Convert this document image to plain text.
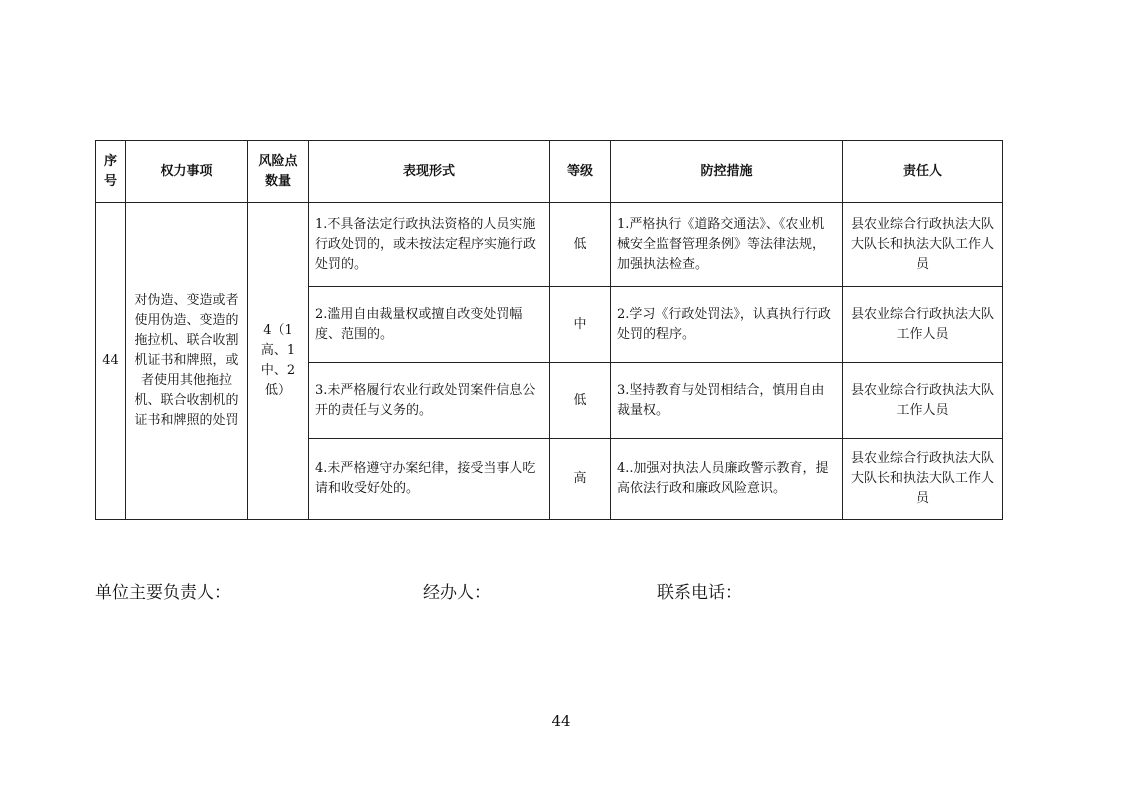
序号	权力事项	风险点数量	表现形式	等级	防控措施	责任人
44	对伪造、变造或者使用伪造、变造的拖拉机、联合收割机证书和牌照，或者使用其他拖拉机、联合收割机的证书和牌照的处罚	4（1高、1中、2低）	1.不具备法定行政执法资格的人员实施行政处罚的，或未按法定程序实施行政处罚的。	低	1.严格执行《道路交通法》、《农业机械安全监督管理条例》等法律法规，加强执法检查。	县农业综合行政执法大队大队长和执法大队工作人员
			2.滥用自由裁量权或擅自改变处罚幅度、范围的。	中	2.学习《行政处罚法》，认真执行行政处罚的程序。	县农业综合行政执法大队工作人员
			3.未严格履行农业行政处罚案件信息公开的责任与义务的。	低	3.坚持教育与处罚相结合，慎用自由裁量权。	县农业综合行政执法大队工作人员
			4.未严格遵守办案纪律，接受当事人吃请和收受好处的。	高	4..加强对执法人员廉政警示教育，提高依法行政和廉政风险意识。	县农业综合行政执法大队大队长和执法大队工作人员
单位主要负责人：	经办人：	联系电话：
44
